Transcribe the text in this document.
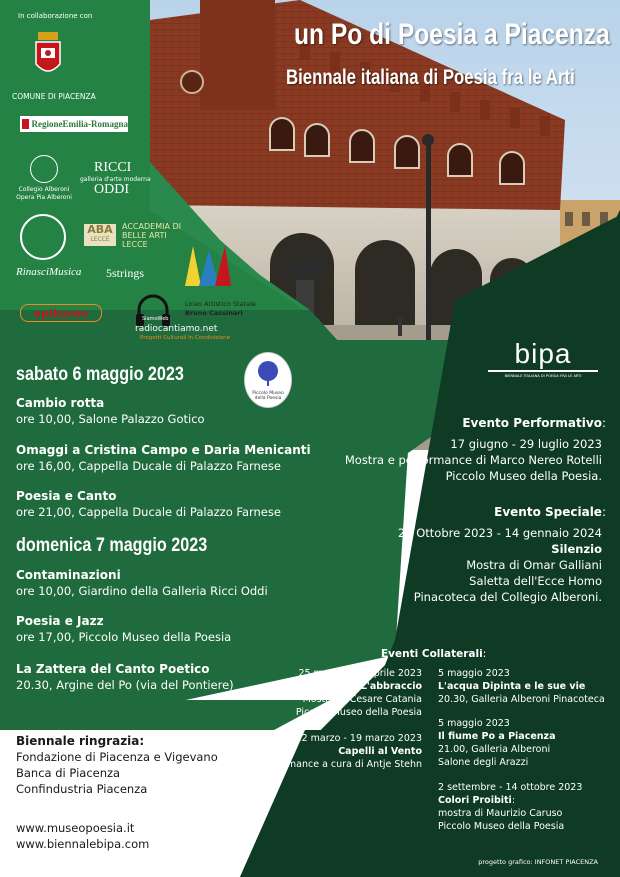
un Po di Poesia a Piacenza
Biennale italiana di Poesia fra le Arti
In collaborazione con
COMUNE DI PIACENZA
RegioneEmilia-Romagna
Collegio Alberoni
Opera Pia Alberoni
RICCI
galleria d'arte moderna
ODDI
ABA
LECCE
ACCADEMIA DI
BELLE ARTI
LECCE
RinasciMusica 5strings
epikureo	SiamoWeb
Liceo Artistico Statale
Bruno Cassinari
radiocantiamo.net
Progetti Culturali in Condivisione
Piccolo Museo
della Poesia
bipa
BIENNALE ITALIANA DI POESIA FRA LE ARTI
sabato 6 maggio 2023
Cambio rotta
ore 10,00, Salone Palazzo Gotico
Omaggi a Cristina Campo e Daria Menicanti
ore 16,00, Cappella Ducale di Palazzo Farnese
Poesia e Canto
ore 21,00, Cappella Ducale di Palazzo Farnese
domenica 7 maggio 2023
Contaminazioni
ore 10,00, Giardino della Galleria Ricci Oddi
Poesia e Jazz
ore 17,00, Piccolo Museo della Poesia
La Zattera del Canto Poetico
20.30, Argine del Po (via del Pontiere)
Biennale ringrazia:
Fondazione di Piacenza e Vigevano
Banca di Piacenza
Confindustria Piacenza
www.museopoesia.it
www.biennalebipa.com
Evento Performativo:
17 giugno - 29 luglio 2023
Mostra e performance di Marco Nereo Rotelli
Piccolo Museo della Poesia.
Evento Speciale:
21 Ottobre 2023 - 14 gennaio 2024
Silenzio
Mostra di Omar Galliani
Saletta dell'Ecce Homo
Pinacoteca del Collegio Alberoni.
Eventi Collaterali:
25 marzo - 23 aprile 2023
L'abbraccio
Mostra di Cesare Catania
Piccolo Museo della Poesia
12 marzo - 19 marzo 2023
Capelli al Vento
Performance a cura di Antje Stehn
5 maggio 2023
L'acqua Dipinta e le sue vie
20.30, Galleria Alberoni Pinacoteca
5 maggio 2023
Il fiume Po a Piacenza
21.00, Galleria Alberoni
Salone degli Arazzi
2 settembre - 14 ottobre 2023
Colori Proibiti:
mostra di Maurizio Caruso
Piccolo Museo della Poesia
progetto grafico: INFONET PIACENZA
